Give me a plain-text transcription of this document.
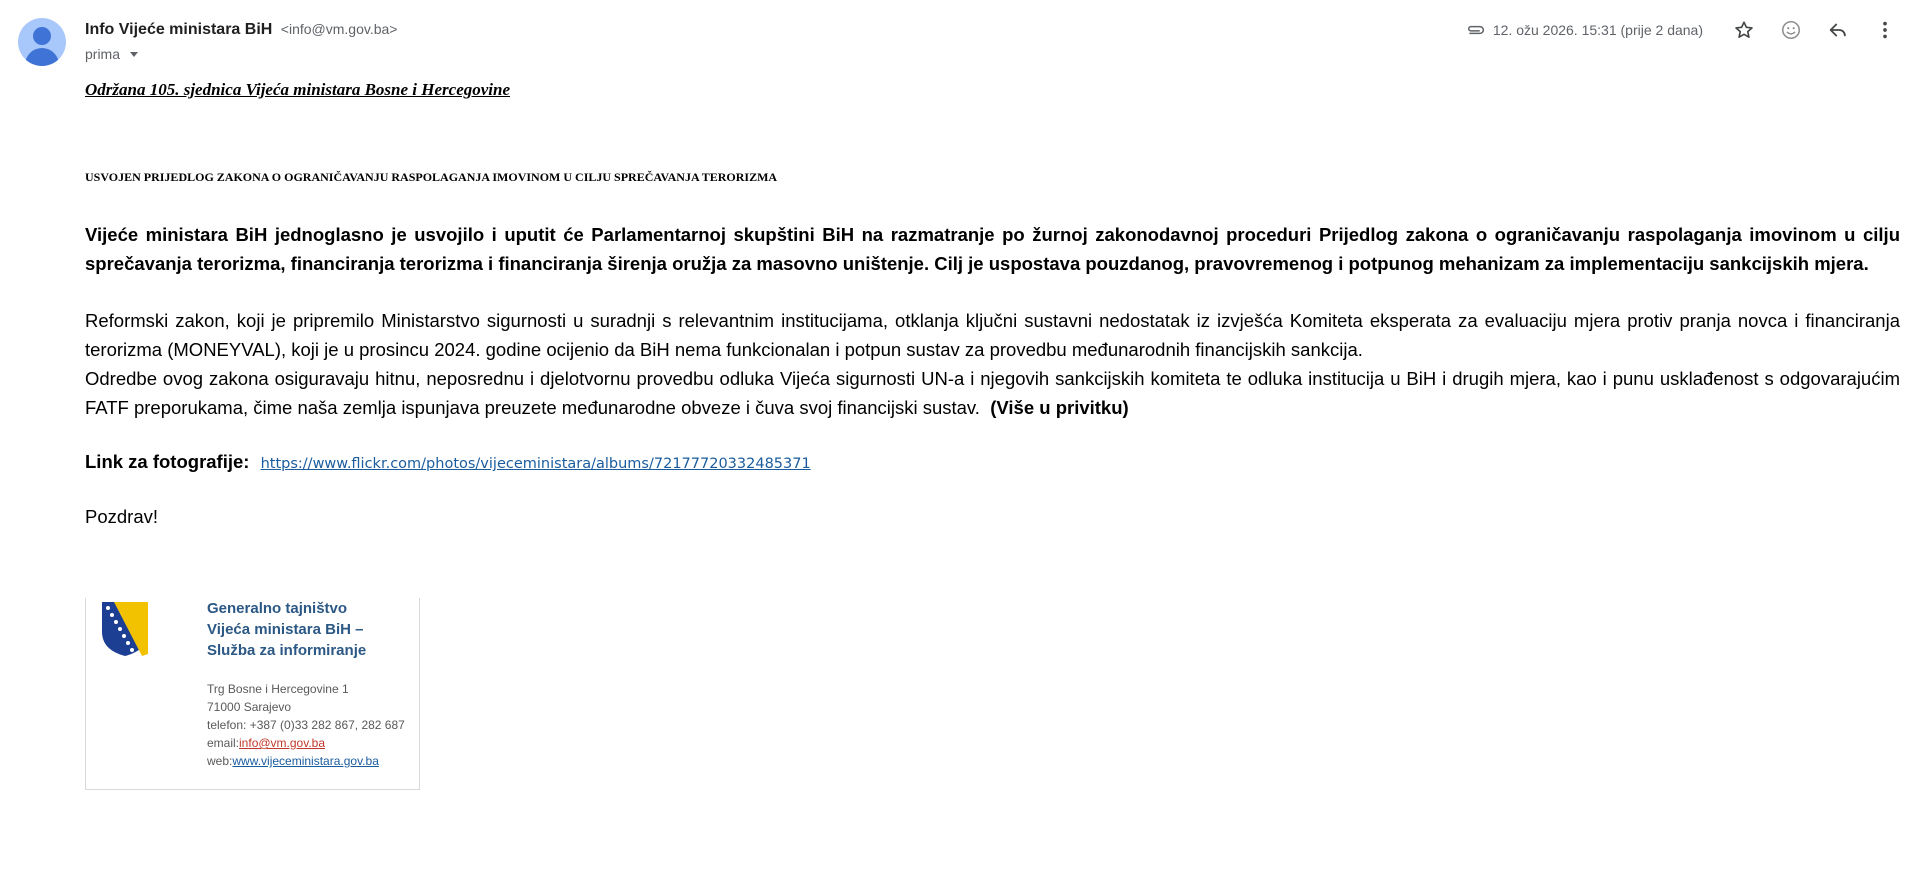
Info Vijeće ministara BiH <info@vm.gov.ba>
prima
12. ožu 2026. 15:31 (prije 2 dana)
Održana 105. sjednica Vijeća ministara Bosne i Hercegovine
USVOJEN PRIJEDLOG ZAKONA O OGRANIČAVANJU RASPOLAGANJA IMOVINOM U CILJU SPREČAVANJA TERORIZMA
Vijeće ministara BiH jednoglasno je usvojilo i uputit će Parlamentarnoj skupštini BiH na razmatranje po žurnoj zakonodavnoj proceduri Prijedlog zakona o ograničavanju raspolaganja imovinom u cilju sprečavanja terorizma, financiranja terorizma i financiranja širenja oružja za masovno uništenje. Cilj je uspostava pouzdanog, pravovremenog i potpunog mehanizam za implementaciju sankcijskih mjera.
Reformski zakon, koji je pripremilo Ministarstvo sigurnosti u suradnji s relevantnim institucijama, otklanja ključni sustavni nedostatak iz izvješća Komiteta eksperata za evaluaciju mjera protiv pranja novca i financiranja terorizma (MONEYVAL), koji je u prosincu 2024. godine ocijenio da BiH nema funkcionalan i potpun sustav za provedbu međunarodnih financijskih sankcija.
Odredbe ovog zakona osiguravaju hitnu, neposrednu i djelotvornu provedbu odluka Vijeća sigurnosti UN-a i njegovih sankcijskih komiteta te odluka institucija u BiH i drugih mjera, kao i punu usklađenost s odgovarajućim FATF preporukama, čime naša zemlja ispunjava preuzete međunarodne obveze i čuva svoj financijski sustav. (Više u privitku)
Link za fotografije: https://www.flickr.com/photos/vijeceministara/albums/72177720332485371
Pozdrav!
Generalno tajništvo
Vijeća ministara BiH –
Služba za informiranje
Trg Bosne i Hercegovine 1
71000 Sarajevo
telefon: +387 (0)33 282 867, 282 687
email:info@vm.gov.ba
web:www.vijeceministara.gov.ba
